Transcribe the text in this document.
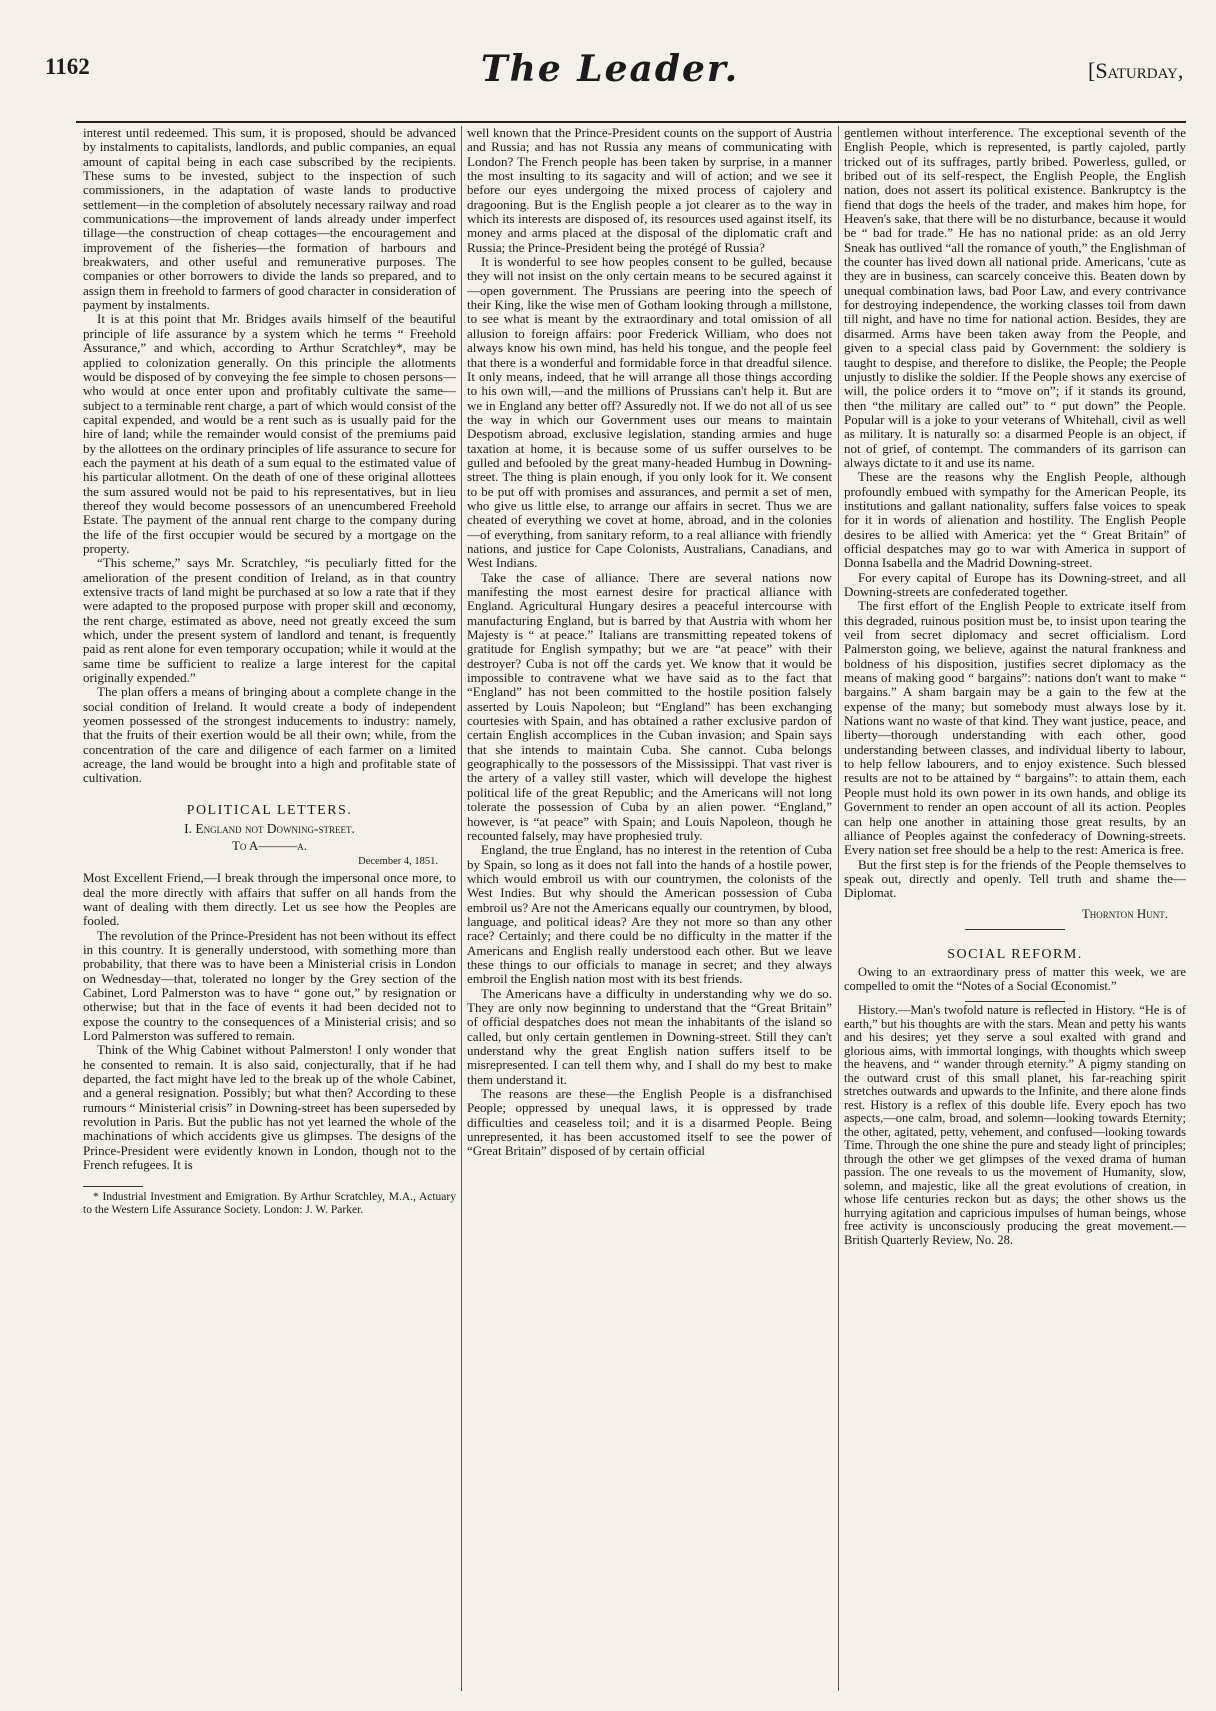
1162	The Leader.	[Saturday,

interest until redeemed. This sum, it is proposed, should be advanced by instalments to capitalists, landlords, and public companies, an equal amount of capital being in each case subscribed by the recipients. These sums to be invested, subject to the inspection of such commissioners, in the adaptation of waste lands to productive settlement—in the completion of absolutely necessary railway and road communications—the improvement of lands already under imperfect tillage—the construction of cheap cottages—the encouragement and improvement of the fisheries—the formation of harbours and breakwaters, and other useful and remunerative purposes. The companies or other borrowers to divide the lands so prepared, and to assign them in freehold to farmers of good character in consideration of payment by instalments.

It is at this point that Mr. Bridges avails himself of the beautiful principle of life assurance by a system which he terms “ Freehold Assurance,” and which, according to Arthur Scratchley*, may be applied to colonization generally. On this principle the allotments would be disposed of by conveying the fee simple to chosen persons—who would at once enter upon and profitably cultivate the same—subject to a terminable rent charge, a part of which would consist of the capital expended, and would be a rent such as is usually paid for the hire of land; while the remainder would consist of the premiums paid by the allottees on the ordinary principles of life assurance to secure for each the payment at his death of a sum equal to the estimated value of his particular allotment. On the death of one of these original allottees the sum assured would not be paid to his representatives, but in lieu thereof they would become possessors of an unencumbered Freehold Estate. The payment of the annual rent charge to the company during the life of the first occupier would be secured by a mortgage on the property.

“This scheme,” says Mr. Scratchley, “is peculiarly fitted for the amelioration of the present condition of Ireland, as in that country extensive tracts of land might be purchased at so low a rate that if they were adapted to the proposed purpose with proper skill and œconomy, the rent charge, estimated as above, need not greatly exceed the sum which, under the present system of landlord and tenant, is frequently paid as rent alone for even temporary occupation; while it would at the same time be sufficient to realize a large interest for the capital originally expended.”

The plan offers a means of bringing about a complete change in the social condition of Ireland. It would create a body of independent yeomen possessed of the strongest inducements to industry: namely, that the fruits of their exertion would be all their own; while, from the concentration of the care and diligence of each farmer on a limited acreage, the land would be brought into a high and profitable state of cultivation.

POLITICAL LETTERS.
I. England not Downing-street.
To A———a.
December 4, 1851.

Most Excellent Friend,—I break through the impersonal once more, to deal the more directly with affairs that suffer on all hands from the want of dealing with them directly. Let us see how the Peoples are fooled.

The revolution of the Prince-President has not been without its effect in this country. It is generally understood, with something more than probability, that there was to have been a Ministerial crisis in London on Wednesday—that, tolerated no longer by the Grey section of the Cabinet, Lord Palmerston was to have “ gone out,” by resignation or otherwise; but that in the face of events it had been decided not to expose the country to the consequences of a Ministerial crisis; and so Lord Palmerston was suffered to remain.

Think of the Whig Cabinet without Palmerston! I only wonder that he consented to remain. It is also said, conjecturally, that if he had departed, the fact might have led to the break up of the whole Cabinet, and a general resignation. Possibly; but what then? According to these rumours “ Ministerial crisis” in Downing-street has been superseded by revolution in Paris. But the public has not yet learned the whole of the machinations of which accidents give us glimpses. The designs of the Prince-President were evidently known in London, though not to the French refugees. It is

* Industrial Investment and Emigration. By Arthur Scratchley, M.A., Actuary to the Western Life Assurance Society. London: J. W. Parker.

well known that the Prince-President counts on the support of Austria and Russia; and has not Russia any means of communicating with London? The French people has been taken by surprise, in a manner the most insulting to its sagacity and will of action; and we see it before our eyes undergoing the mixed process of cajolery and dragooning. But is the English people a jot clearer as to the way in which its interests are disposed of, its resources used against itself, its money and arms placed at the disposal of the diplomatic craft and Russia; the Prince-President being the protégé of Russia?

It is wonderful to see how peoples consent to be gulled, because they will not insist on the only certain means to be secured against it—open government. The Prussians are peering into the speech of their King, like the wise men of Gotham looking through a millstone, to see what is meant by the extraordinary and total omission of all allusion to foreign affairs: poor Frederick William, who does not always know his own mind, has held his tongue, and the people feel that there is a wonderful and formidable force in that dreadful silence. It only means, indeed, that he will arrange all those things according to his own will,—and the millions of Prussians can't help it. But are we in England any better off? Assuredly not. If we do not all of us see the way in which our Government uses our means to maintain Despotism abroad, exclusive legislation, standing armies and huge taxation at home, it is because some of us suffer ourselves to be gulled and befooled by the great many-headed Humbug in Downing-street. The thing is plain enough, if you only look for it. We consent to be put off with promises and assurances, and permit a set of men, who give us little else, to arrange our affairs in secret. Thus we are cheated of everything we covet at home, abroad, and in the colonies—of everything, from sanitary reform, to a real alliance with friendly nations, and justice for Cape Colonists, Australians, Canadians, and West Indians.

Take the case of alliance. There are several nations now manifesting the most earnest desire for practical alliance with England. Agricultural Hungary desires a peaceful intercourse with manufacturing England, but is barred by that Austria with whom her Majesty is “ at peace.” Italians are transmitting repeated tokens of gratitude for English sympathy; but we are “at peace” with their destroyer? Cuba is not off the cards yet. We know that it would be impossible to contravene what we have said as to the fact that “England” has not been committed to the hostile position falsely asserted by Louis Napoleon; but “England” has been exchanging courtesies with Spain, and has obtained a rather exclusive pardon of certain English accomplices in the Cuban invasion; and Spain says that she intends to maintain Cuba. She cannot. Cuba belongs geographically to the possessors of the Mississippi. That vast river is the artery of a valley still vaster, which will develope the highest political life of the great Republic; and the Americans will not long tolerate the possession of Cuba by an alien power. “England,” however, is “at peace” with Spain; and Louis Napoleon, though he recounted falsely, may have prophesied truly.

England, the true England, has no interest in the retention of Cuba by Spain, so long as it does not fall into the hands of a hostile power, which would embroil us with our countrymen, the colonists of the West Indies. But why should the American possession of Cuba embroil us? Are not the Americans equally our countrymen, by blood, language, and political ideas? Are they not more so than any other race? Certainly; and there could be no difficulty in the matter if the Americans and English really understood each other. But we leave these things to our officials to manage in secret; and they always embroil the English nation most with its best friends.

The Americans have a difficulty in understanding why we do so. They are only now beginning to understand that the “Great Britain” of official despatches does not mean the inhabitants of the island so called, but only certain gentlemen in Downing-street. Still they can't understand why the great English nation suffers itself to be misrepresented. I can tell them why, and I shall do my best to make them understand it.

The reasons are these—the English People is a disfranchised People; oppressed by unequal laws, it is oppressed by trade difficulties and ceaseless toil; and it is a disarmed People. Being unrepresented, it has been accustomed itself to see the power of “Great Britain” disposed of by certain official

gentlemen without interference. The exceptional seventh of the English People, which is represented, is partly cajoled, partly tricked out of its suffrages, partly bribed. Powerless, gulled, or bribed out of its self-respect, the English People, the English nation, does not assert its political existence. Bankruptcy is the fiend that dogs the heels of the trader, and makes him hope, for Heaven's sake, that there will be no disturbance, because it would be “ bad for trade.” He has no national pride: as an old Jerry Sneak has outlived “all the romance of youth,” the Englishman of the counter has lived down all national pride. Americans, 'cute as they are in business, can scarcely conceive this. Beaten down by unequal combination laws, bad Poor Law, and every contrivance for destroying independence, the working classes toil from dawn till night, and have no time for national action. Besides, they are disarmed. Arms have been taken away from the People, and given to a special class paid by Government: the soldiery is taught to despise, and therefore to dislike, the People; the People unjustly to dislike the soldier. If the People shows any exercise of will, the police orders it to “move on”; if it stands its ground, then “the military are called out” to “ put down” the People. Popular will is a joke to your veterans of Whitehall, civil as well as military. It is naturally so: a disarmed People is an object, if not of grief, of contempt. The commanders of its garrison can always dictate to it and use its name.

These are the reasons why the English People, although profoundly embued with sympathy for the American People, its institutions and gallant nationality, suffers false voices to speak for it in words of alienation and hostility. The English People desires to be allied with America: yet the “ Great Britain” of official despatches may go to war with America in support of Donna Isabella and the Madrid Downing-street.

For every capital of Europe has its Downing-street, and all Downing-streets are confederated together.

The first effort of the English People to extricate itself from this degraded, ruinous position must be, to insist upon tearing the veil from secret diplomacy and secret officialism. Lord Palmerston going, we believe, against the natural frankness and boldness of his disposition, justifies secret diplomacy as the means of making good “ bargains”: nations don't want to make “ bargains.” A sham bargain may be a gain to the few at the expense of the many; but somebody must always lose by it. Nations want no waste of that kind. They want justice, peace, and liberty—thorough understanding with each other, good understanding between classes, and individual liberty to labour, to help fellow labourers, and to enjoy existence. Such blessed results are not to be attained by “ bargains”: to attain them, each People must hold its own power in its own hands, and oblige its Government to render an open account of all its action. Peoples can help one another in attaining those great results, by an alliance of Peoples against the confederacy of Downing-streets. Every nation set free should be a help to the rest: America is free.

But the first step is for the friends of the People themselves to speak out, directly and openly. Tell truth and shame the—Diplomat.

Thornton Hunt.
SOCIAL REFORM.

Owing to an extraordinary press of matter this week, we are compelled to omit the “Notes of a Social Œconomist.”

History.—Man's twofold nature is reflected in History. “He is of earth,” but his thoughts are with the stars. Mean and petty his wants and his desires; yet they serve a soul exalted with grand and glorious aims, with immortal longings, with thoughts which sweep the heavens, and “ wander through eternity.” A pigmy standing on the outward crust of this small planet, his far-reaching spirit stretches outwards and upwards to the Infinite, and there alone finds rest. History is a reflex of this double life. Every epoch has two aspects,—one calm, broad, and solemn—looking towards Eternity; the other, agitated, petty, vehement, and confused—looking towards Time. Through the one shine the pure and steady light of principles; through the other we get glimpses of the vexed drama of human passion. The one reveals to us the movement of Humanity, slow, solemn, and majestic, like all the great evolutions of creation, in whose life centuries reckon but as days; the other shows us the hurrying agitation and capricious impulses of human beings, whose free activity is unconsciously producing the great movement.—British Quarterly Review, No. 28.
